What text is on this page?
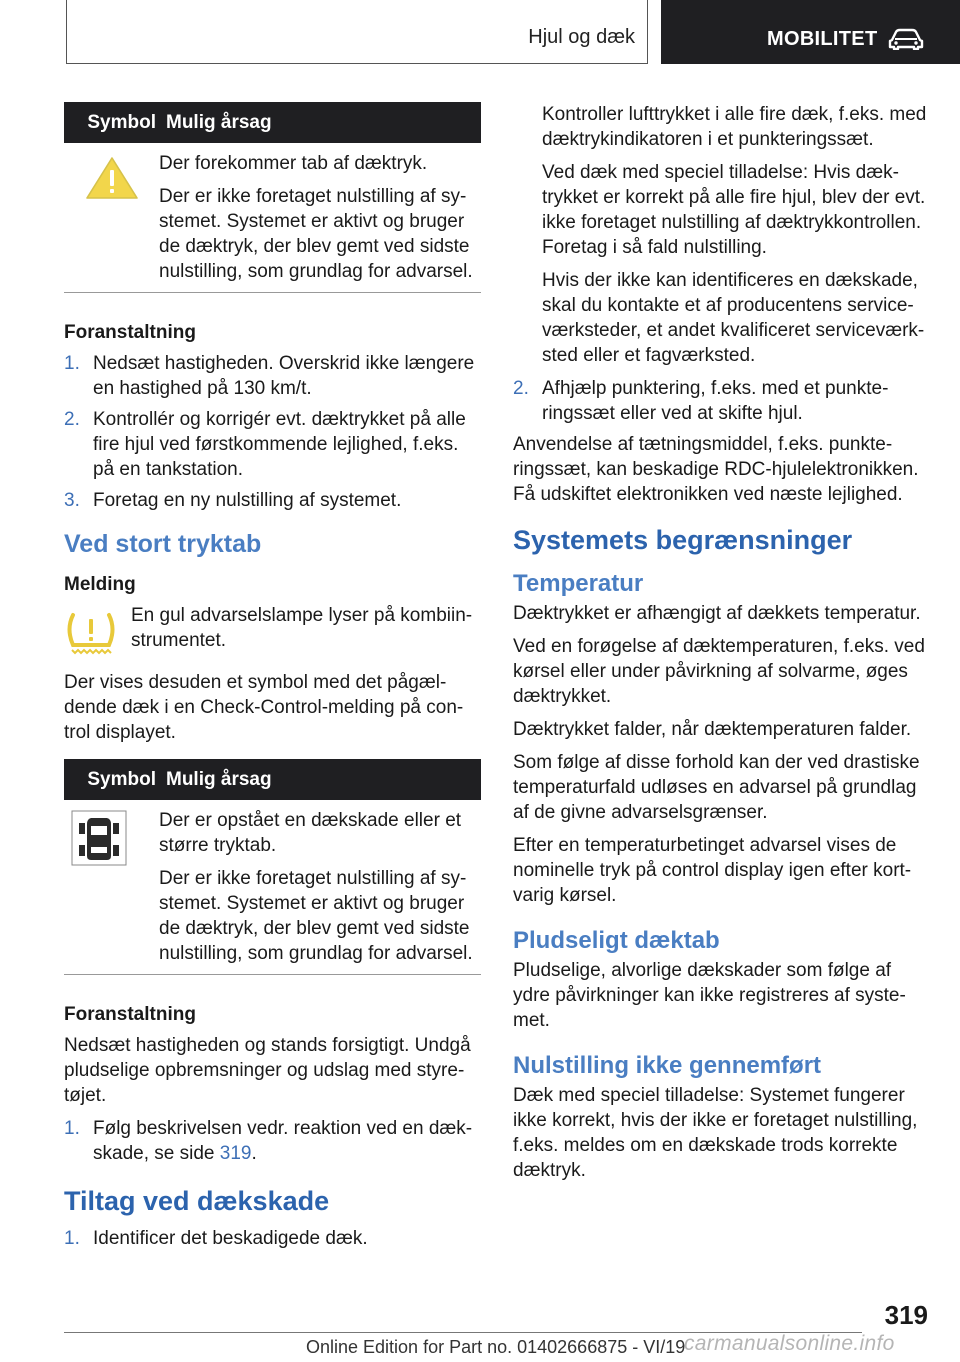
Hjul og dæk	MOBILITET
Symbol Mulig årsag

Der forekommer tab af dæktryk.

Der er ikke foretaget nulstilling af sy-stemet. Systemet er aktivt og bruger de dæktryk, der blev gemt ved sidste nulstilling, som grundlag for advarsel.

Foranstaltning
1. Nedsæt hastigheden. Overskrid ikke længere en hastighed på 130 km/t.
2. Kontrollér og korrigér evt. dæktrykket på alle fire hjul ved førstkommende lejlighed, f.eks. på en tankstation.
3. Foretag en ny nulstilling af systemet.
Ved stort tryktab
Melding

En gul advarselslampe lyser på kombiin-strumentet.

Der vises desuden et symbol med det pågæl-dende dæk i en Check-Control-melding på con-trol displayet.

Symbol Mulig årsag

Der er opstået en dækskade eller et større tryktab.

Der er ikke foretaget nulstilling af sy-stemet. Systemet er aktivt og bruger de dæktryk, der blev gemt ved sidste nulstilling, som grundlag for advarsel.

Foranstaltning

Nedsæt hastigheden og stands forsigtigt. Undgå pludselige opbremsninger og udslag med styre-tøjet.

1. Følg beskrivelsen vedr. reaktion ved en dæk-skade, se side 319.
Tiltag ved dækskade
1. Identificer det beskadigede dæk.

Kontroller lufttrykket i alle fire dæk, f.eks. med dæktrykindikatoren i et punkteringssæt.

Ved dæk med speciel tilladelse: Hvis dæk-trykket er korrekt på alle fire hjul, blev der evt. ikke foretaget nulstilling af dæktrykkontrollen. Foretag i så fald nulstilling.

Hvis der ikke kan identificeres en dækskade, skal du kontakte et af producentens service-værksteder, et andet kvalificeret serviceværk-sted eller et fagværksted.

2. Afhjælp punktering, f.eks. med et punkte-ringssæt eller ved at skifte hjul.

Anvendelse af tætningsmiddel, f.eks. punkte-ringssæt, kan beskadige RDC-hjulelektronikken. Få udskiftet elektronikken ved næste lejlighed.

Systemets begrænsninger
Temperatur

Dæktrykket er afhængigt af dækkets temperatur.

Ved en forøgelse af dæktemperaturen, f.eks. ved kørsel eller under påvirkning af solvarme, øges dæktrykket.

Dæktrykket falder, når dæktemperaturen falder.

Som følge af disse forhold kan der ved drastiske temperaturfald udløses en advarsel på grundlag af de givne advarselsgrænser.

Efter en temperaturbetinget advarsel vises de nominelle tryk på control display igen efter kort-varig kørsel.

Pludseligt dæktab

Pludselige, alvorlige dækskader som følge af ydre påvirkninger kan ikke registreres af syste-met.

Nulstilling ikke gennemført

Dæk med speciel tilladelse: Systemet fungerer ikke korrekt, hvis der ikke er foretaget nulstilling, f.eks. meldes om en dækskade trods korrekte dæktryk.

319
Online Edition for Part no. 01402666875 - VI/19
carmanualsonline.info
